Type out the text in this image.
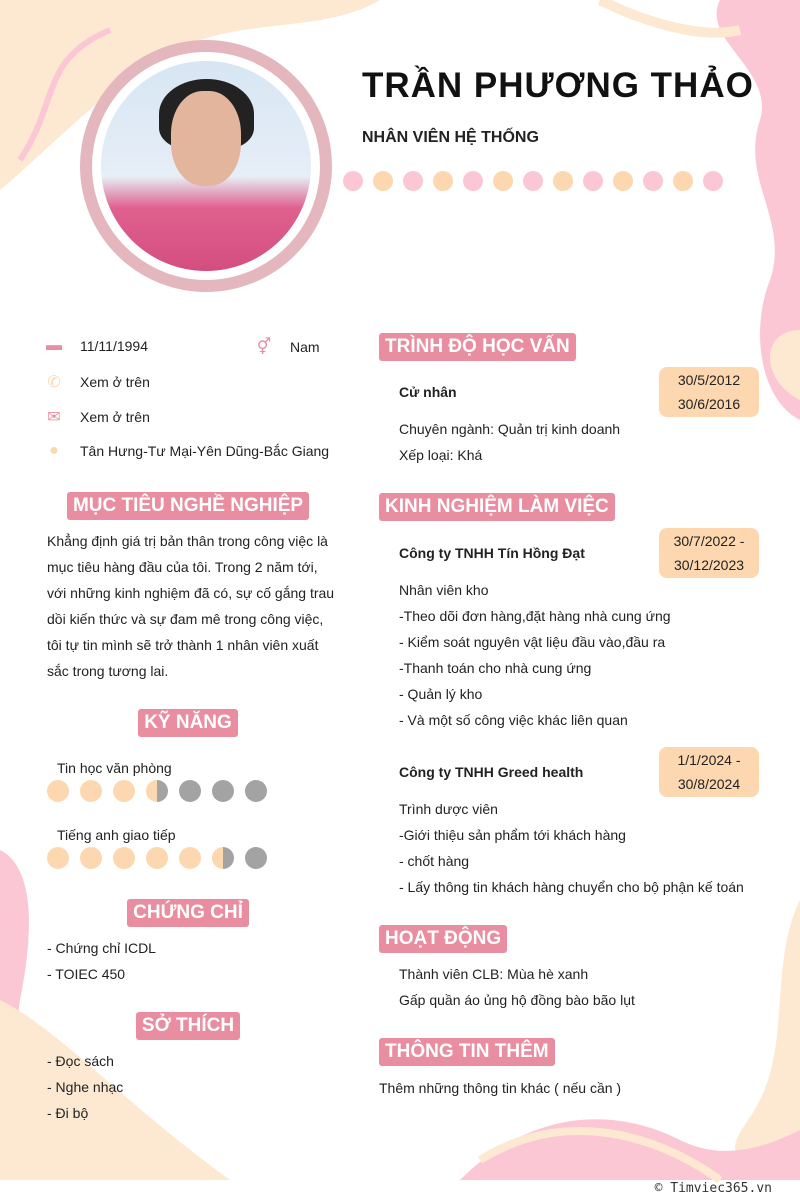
TRẦN PHƯƠNG THẢO
NHÂN VIÊN HỆ THỐNG
▬ 11/11/1994	⚥ Nam
✆ Xem ở trên
✉ Xem ở trên
●	Tân Hưng-Tư Mại-Yên Dũng-Bắc Giang
MỤC TIÊU NGHỀ NGHIỆP
Khẳng định giá trị bản thân trong công việc là
mục tiêu hàng đầu của tôi. Trong 2 năm tới,
với những kinh nghiệm đã có, sự cố gắng trau
dồi kiến thức và sự đam mê trong công việc,
tôi tự tin mình sẽ trở thành 1 nhân viên xuất
sắc trong tương lai.
KỸ NĂNG
Tin học văn phòng
Tiếng anh giao tiếp
CHỨNG CHỈ
- Chứng chỉ ICDL
- TOIEC 450
SỞ THÍCH
- Đọc sách
- Nghe nhạc
- Đi bộ
TRÌNH ĐỘ HỌC VẤN
Cử nhân
30/5/2012
30/6/2016
Chuyên ngành: Quản trị kinh doanh
Xếp loại: Khá
KINH NGHIỆM LÀM VIỆC
Công ty TNHH Tín Hồng Đạt
30/7/2022 -
30/12/2023
Nhân viên kho
-Theo dõi đơn hàng,đặt hàng nhà cung ứng
- Kiểm soát nguyên vật liệu đầu vào,đầu ra
-Thanh toán cho nhà cung ứng
- Quản lý kho
- Và một số công việc khác liên quan
Công ty TNHH Greed health
1/1/2024 -
30/8/2024
Trình dược viên
-Giới thiệu sản phẩm tới khách hàng
- chốt hàng
- Lấy thông tin khách hàng chuyển cho bộ phận kế toán
HOẠT ĐỘNG
Thành viên CLB: Mùa hè xanh
Gấp quần áo ủng hộ đồng bào bão lụt
THÔNG TIN THÊM
Thêm những thông tin khác ( nếu cần )
© Timviec365.vn
